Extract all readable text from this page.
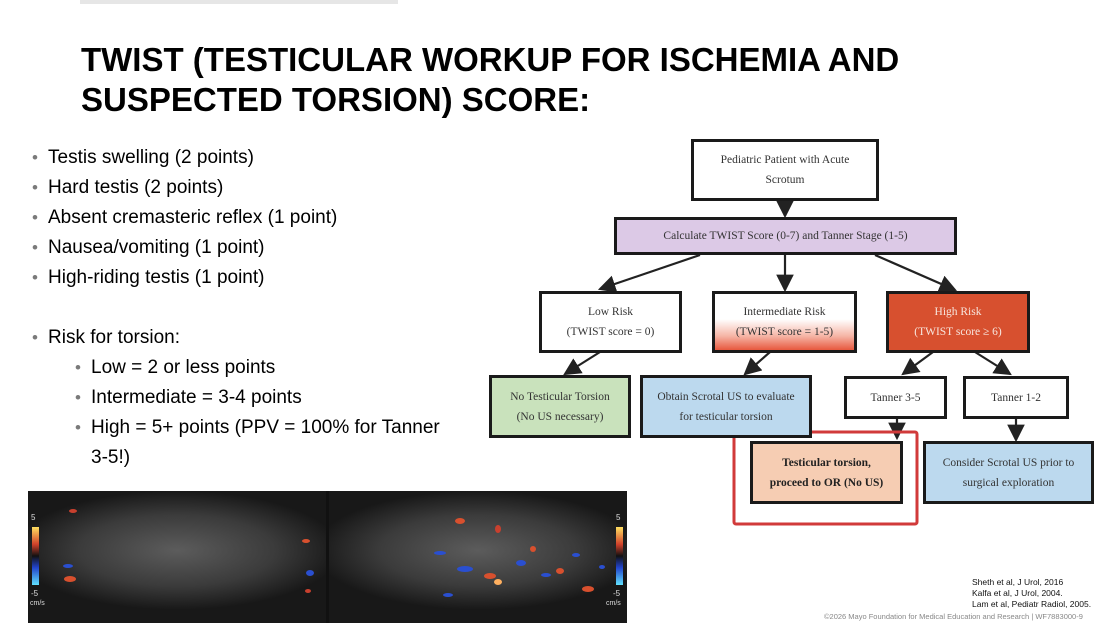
TWIST (TESTICULAR WORKUP FOR ISCHEMIA AND SUSPECTED TORSION) SCORE:
• Testis swelling (2 points)
• Hard testis (2 points)
• Absent cremasteric reflex (1 point)
• Nausea/vomiting (1 point)
• High-riding testis (1 point)
• Risk for torsion:
• Low = 2 or less points
• Intermediate = 3-4 points
• High = 5+ points (PPV = 100% for Tanner 3-5!)
Pediatric Patient with Acute
Scrotum
Calculate TWIST Score (0-7) and Tanner Stage (1-5)
Low Risk
(TWIST score = 0)
Intermediate Risk
(TWIST score = 1-5)
High Risk
(TWIST score ≥ 6)
No Testicular Torsion
(No US necessary)
Obtain Scrotal US to evaluate
for testicular torsion
Tanner 3-5	Tanner 1-2
Testicular torsion,
proceed to OR (No US)
Consider Scrotal US prior to
surgical exploration
5
-5
cm/s
5
-5
cm/s
Sheth et al, J Urol, 2016
Kalfa et al, J Urol, 2004.
Lam et al, Pediatr Radiol, 2005.
©2026 Mayo Foundation for Medical Education and Research | WF7883000-9
